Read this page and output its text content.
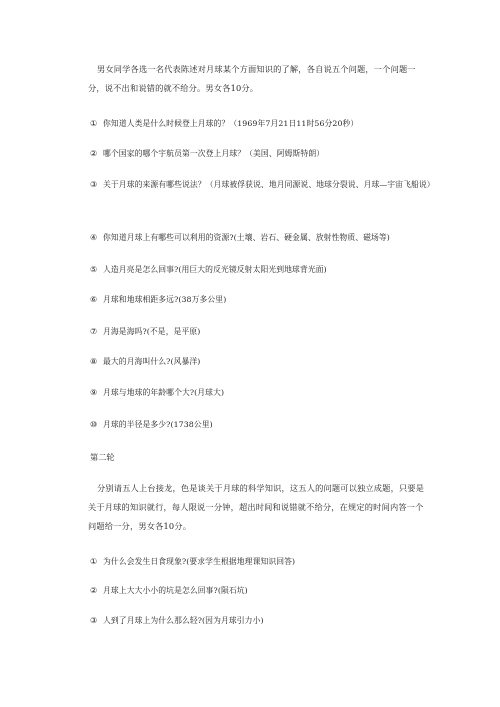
男女同学各选一名代表陈述对月球某个方面知识的了解，各自说五个问题，一个问题一分，说不出和说错的就不给分。男女各10分。
① 你知道人类是什么时候登上月球的？（1969年7月21日11时56分20秒）
② 哪个国家的哪个宇航员第一次登上月球？（美国、阿姆斯特朗）
③ 关于月球的来源有哪些说法？（月球被俘获说、地月同源说、地球分裂说、月球—宇宙飞船说）
④ 你知道月球上有哪些可以利用的资源?(土壤、岩石、硬金属、放射性物质、磁场等)
⑤ 人造月亮是怎么回事?(用巨大的反光镜反射太阳光到地球背光面)
⑥ 月球和地球相距多远?(38万多公里)
⑦ 月海是海吗?(不是，是平原)
⑧ 最大的月海叫什么?(风暴洋)
⑨ 月球与地球的年龄哪个大?(月球大)
⑩ 月球的半径是多少?(1738公里)
第二轮
分别请五人上台接龙，色是谈关于月球的科学知识，这五人的问题可以独立成题，只要是关于月球的知识就行，每人限说一分钟，超出时间和说错就不给分，在规定的时间内答一个问题给一分，男女各10分。
① 为什么会发生日食现象?(要求学生根据地理课知识回答)
② 月球上大大小小的坑是怎么回事?(陨石坑)
③ 人到了月球上为什么那么轻?(因为月球引力小)
